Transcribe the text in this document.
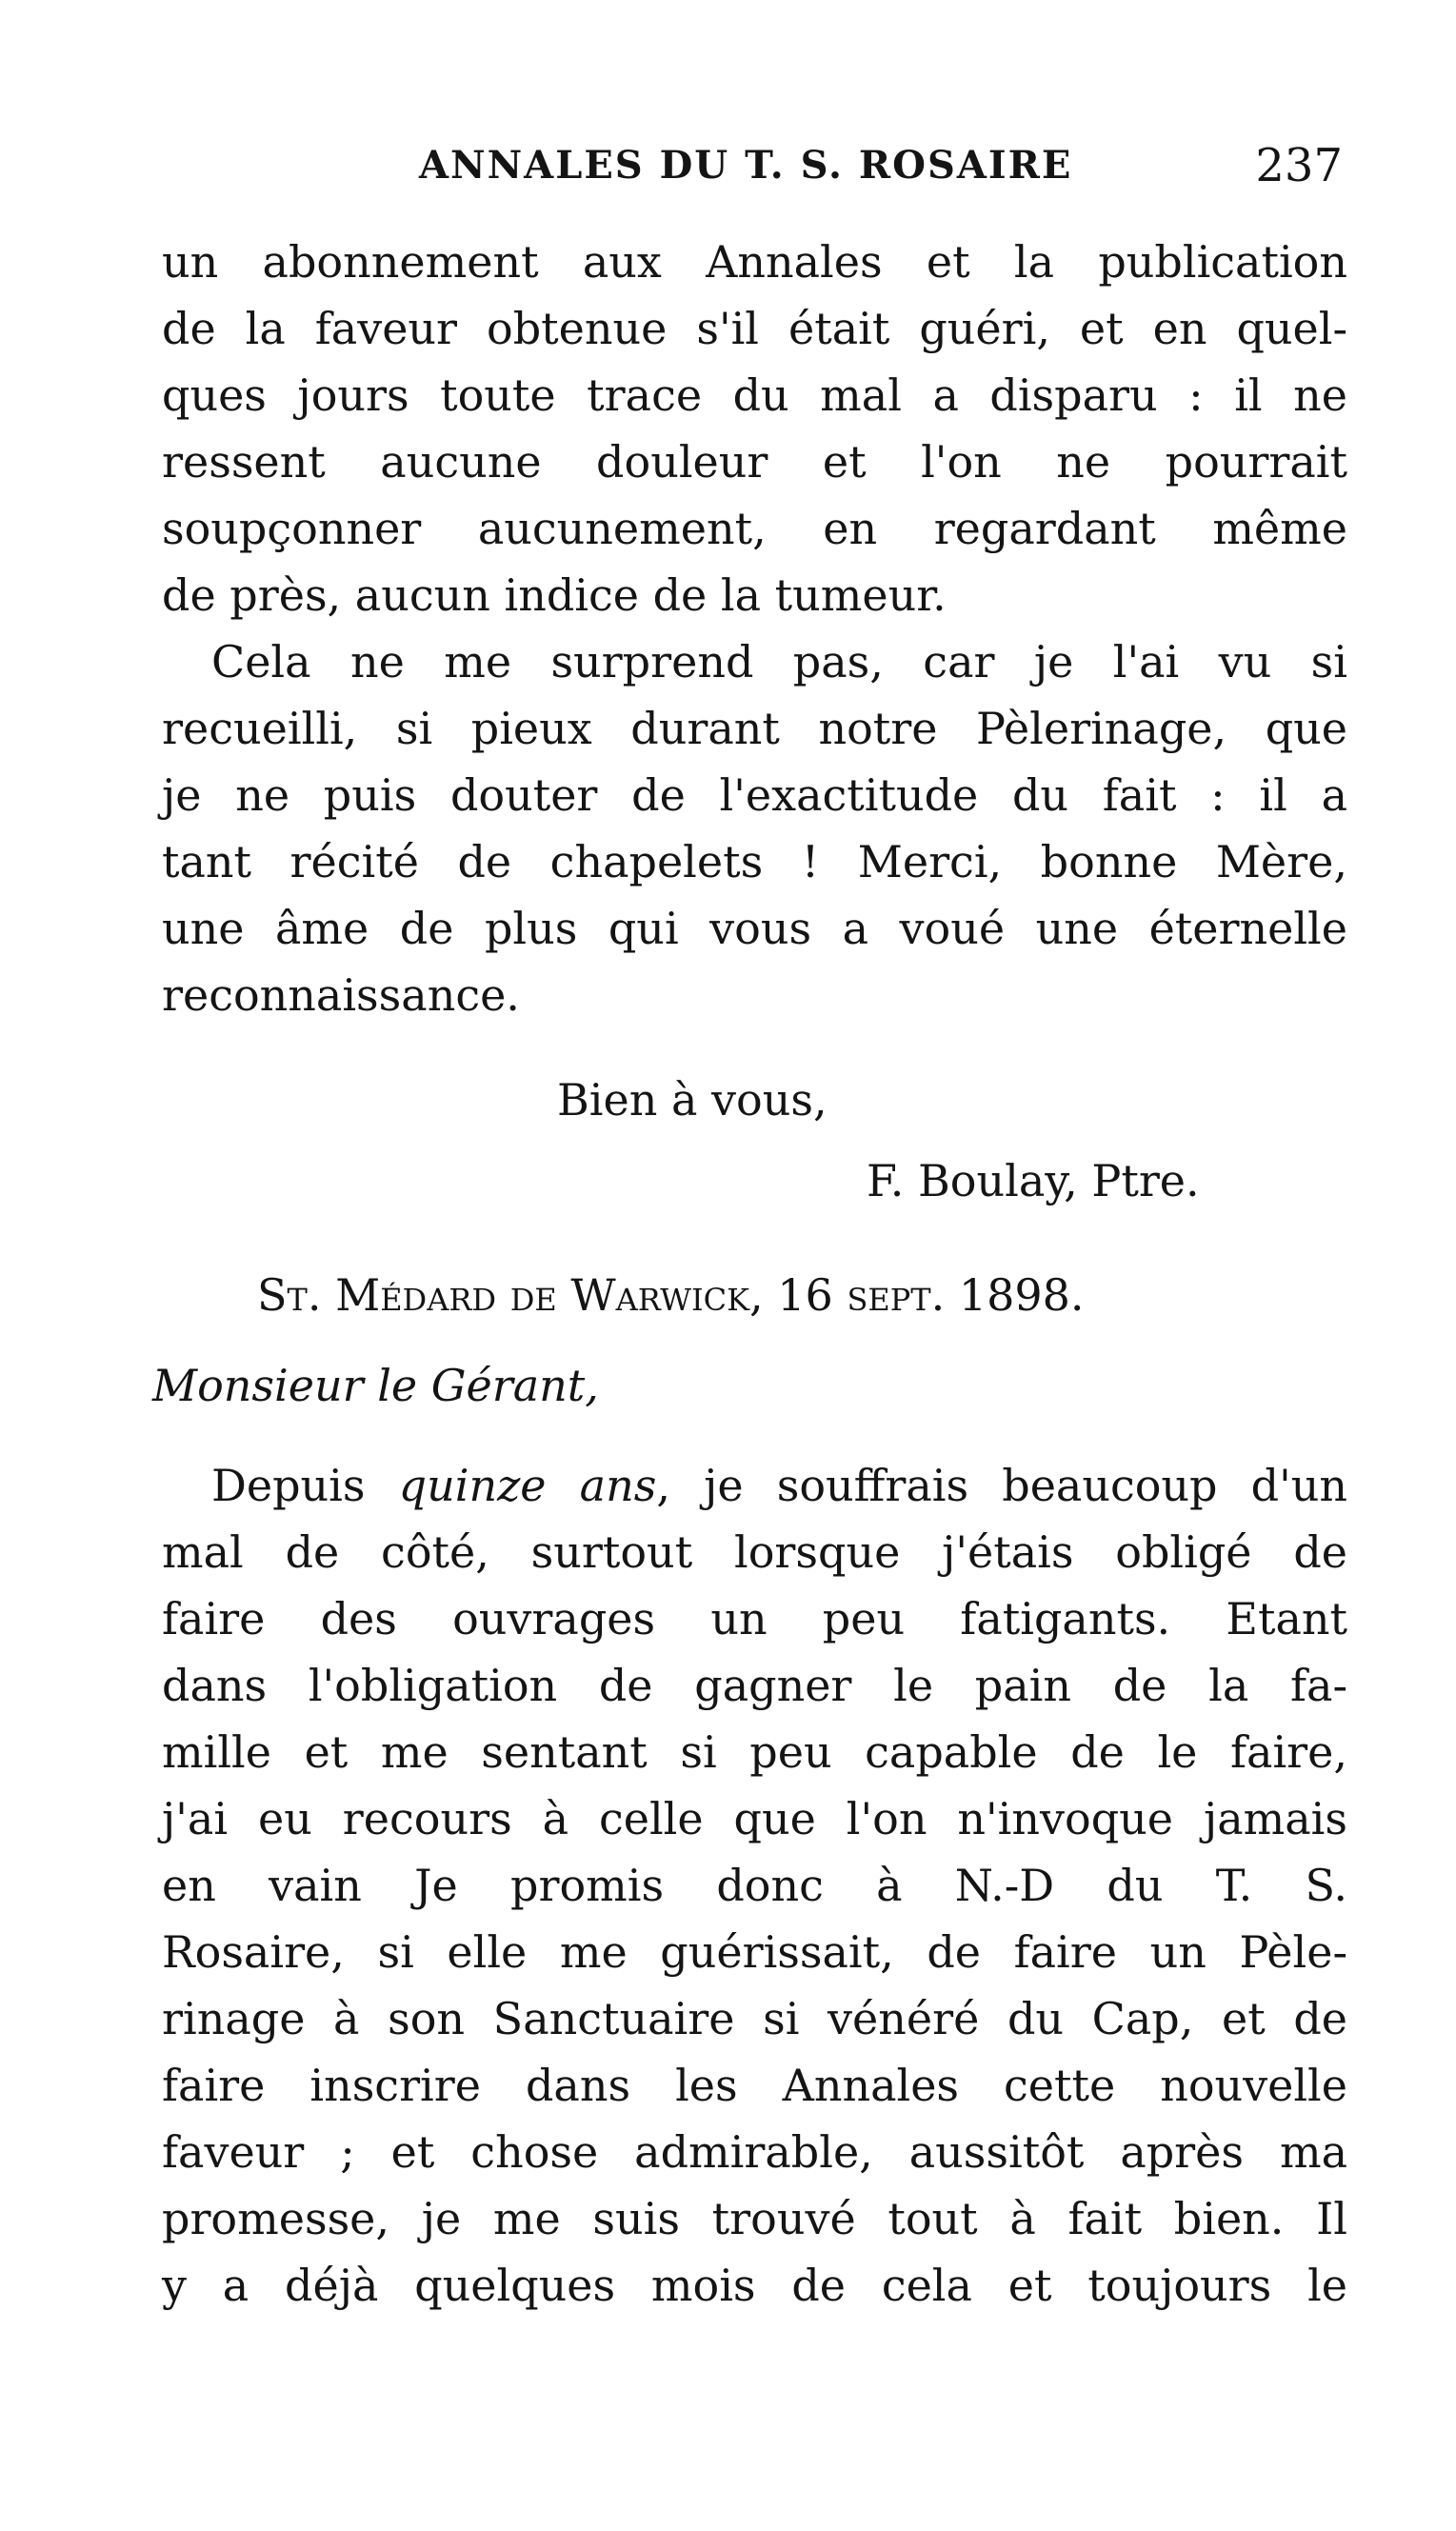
ANNALES DU T. S. ROSAIRE	237
un abonnement aux Annales et la publication
de la faveur obtenue s'il était guéri, et en quel-
ques jours toute trace du mal a disparu : il ne
ressent aucune douleur et l'on ne pourrait
soupçonner aucunement, en regardant même
de près, aucun indice de la tumeur.
Cela ne me surprend pas, car je l'ai vu si
recueilli, si pieux durant notre Pèlerinage, que
je ne puis douter de l'exactitude du fait : il a
tant récité de chapelets ! Merci, bonne Mère,
une âme de plus qui vous a voué une éternelle
reconnaissance.
Bien à vous,
F. Boulay, Ptre.
St. Médard de Warwick, 16 sept. 1898.
Monsieur le Gérant,
Depuis quinze ans, je souffrais beaucoup d'un
mal de côté, surtout lorsque j'étais obligé de
faire des ouvrages un peu fatigants. Etant
dans l'obligation de gagner le pain de la fa-
mille et me sentant si peu capable de le faire,
j'ai eu recours à celle que l'on n'invoque jamais
en vain Je promis donc à N.-D du T. S.
Rosaire, si elle me guérissait, de faire un Pèle-
rinage à son Sanctuaire si vénéré du Cap, et de
faire inscrire dans les Annales cette nouvelle
faveur ; et chose admirable, aussitôt après ma
promesse, je me suis trouvé tout à fait bien. Il
y a déjà quelques mois de cela et toujours le
